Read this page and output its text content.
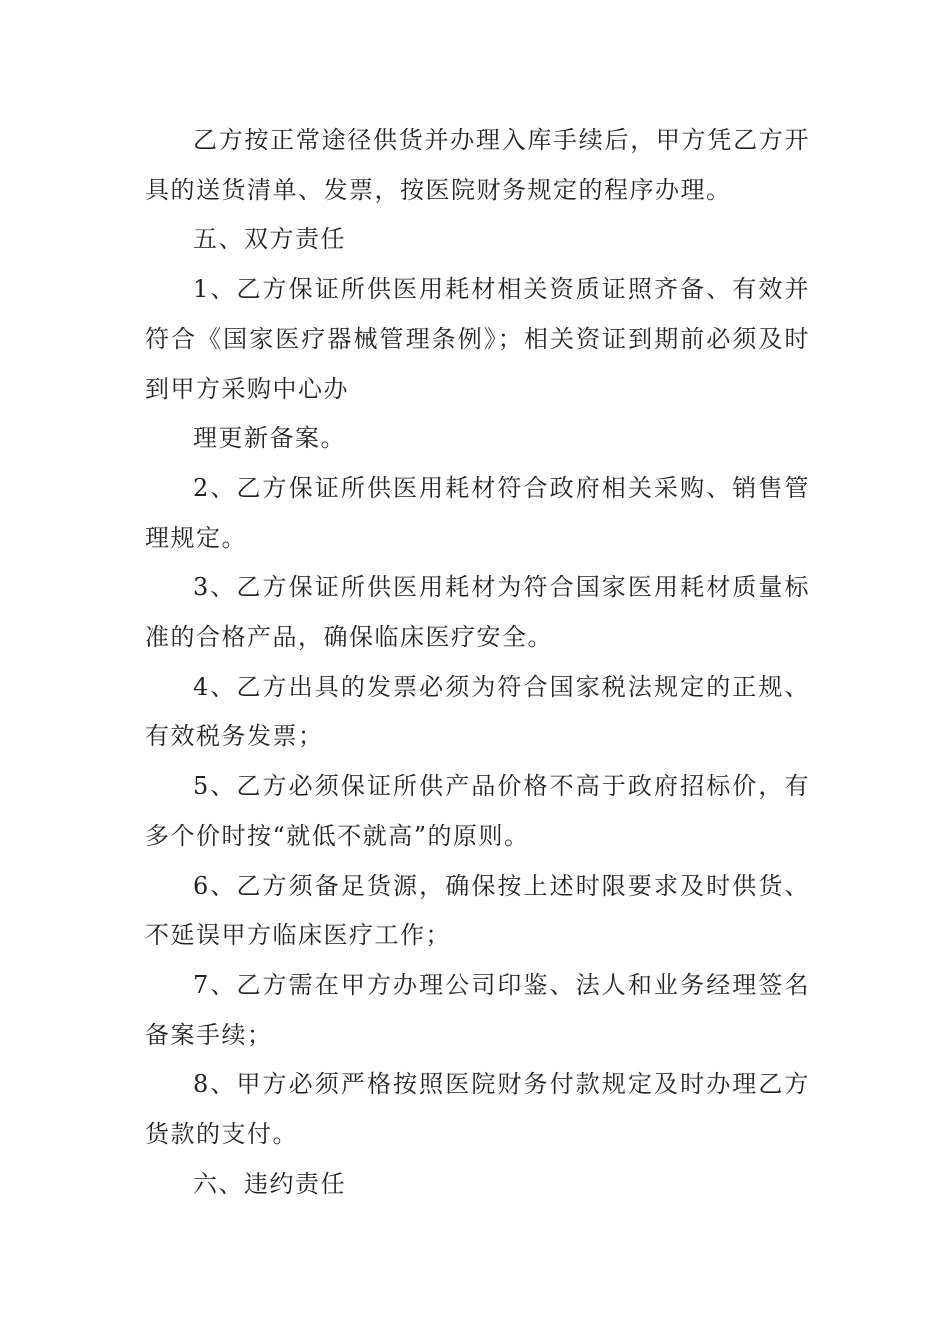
乙方按正常途径供货并办理入库手续后，甲方凭乙方开具的送货清单、发票，按医院财务规定的程序办理。

五、双方责任

1、乙方保证所供医用耗材相关资质证照齐备、有效并符合《国家医疗器械管理条例》；相关资证到期前必须及时到甲方采购中心办

理更新备案。

2、乙方保证所供医用耗材符合政府相关采购、销售管理规定。

3、乙方保证所供医用耗材为符合国家医用耗材质量标准的合格产品，确保临床医疗安全。

4、乙方出具的发票必须为符合国家税法规定的正规、有效税务发票；

5、乙方必须保证所供产品价格不高于政府招标价，有多个价时按“就低不就高”的原则。

6、乙方须备足货源，确保按上述时限要求及时供货、不延误甲方临床医疗工作；

7、乙方需在甲方办理公司印鉴、法人和业务经理签名备案手续；

8、甲方必须严格按照医院财务付款规定及时办理乙方货款的支付。

六、违约责任
